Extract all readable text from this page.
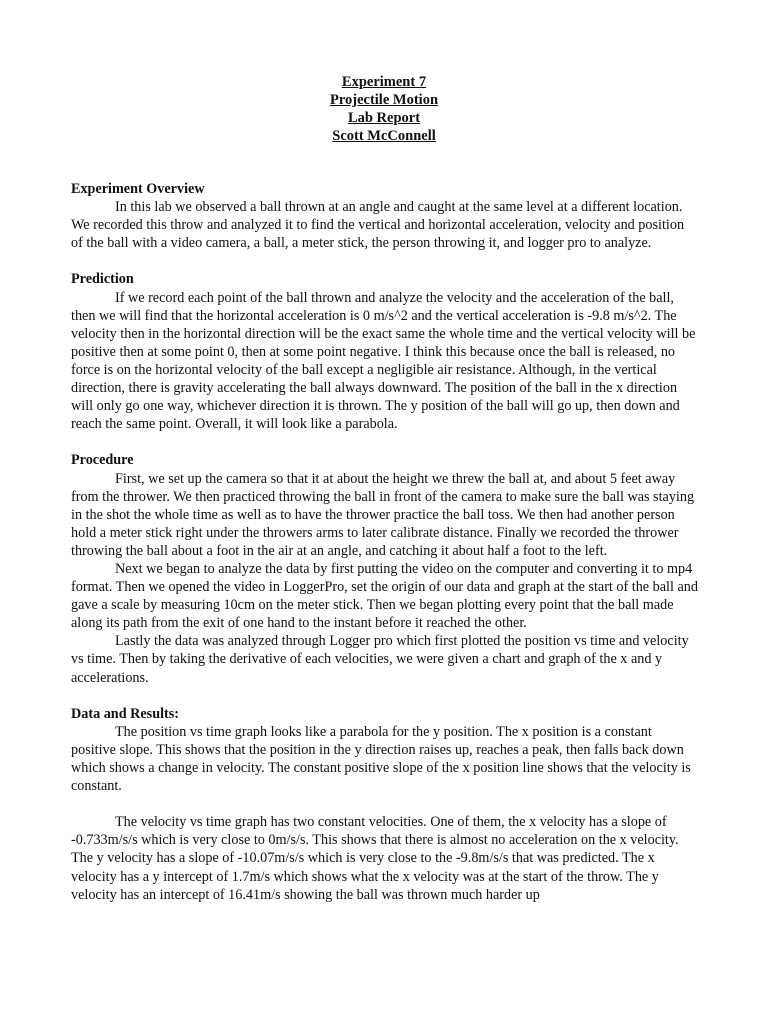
Experiment 7
Projectile Motion
Lab Report
Scott McConnell

Experiment Overview

In this lab we observed a ball thrown at an angle and caught at the same level at a different location. We recorded this throw and analyzed it to find the vertical and horizontal acceleration, velocity and position of the ball with a video camera, a ball, a meter stick, the person throwing it, and logger pro to analyze.

Prediction

If we record each point of the ball thrown and analyze the velocity and the acceleration of the ball, then we will find that the horizontal acceleration is 0 m/s^2 and the vertical acceleration is -9.8 m/s^2. The velocity then in the horizontal direction will be the exact same the whole time and the vertical velocity will be positive then at some point 0, then at some point negative. I think this because once the ball is released, no force is on the horizontal velocity of the ball except a negligible air resistance. Although, in the vertical direction, there is gravity accelerating the ball always downward. The position of the ball in the x direction will only go one way, whichever direction it is thrown. The y position of the ball will go up, then down and reach the same point. Overall, it will look like a parabola.

Procedure

First, we set up the camera so that it at about the height we threw the ball at, and about 5 feet away from the thrower. We then practiced throwing the ball in front of the camera to make sure the ball was staying in the shot the whole time as well as to have the thrower practice the ball toss. We then had another person hold a meter stick right under the throwers arms to later calibrate distance. Finally we recorded the thrower throwing the ball about a foot in the air at an angle, and catching it about half a foot to the left.

Next we began to analyze the data by first putting the video on the computer and converting it to mp4 format. Then we opened the video in LoggerPro, set the origin of our data and graph at the start of the ball and gave a scale by measuring 10cm on the meter stick. Then we began plotting every point that the ball made along its path from the exit of one hand to the instant before it reached the other.

Lastly the data was analyzed through Logger pro which first plotted the position vs time and velocity vs time. Then by taking the derivative of each velocities, we were given a chart and graph of the x and y accelerations.

Data and Results:

The position vs time graph looks like a parabola for the y position. The x position is a constant positive slope. This shows that the position in the y direction raises up, reaches a peak, then falls back down which shows a change in velocity. The constant positive slope of the x position line shows that the velocity is constant.

The velocity vs time graph has two constant velocities. One of them, the x velocity has a slope of -0.733m/s/s which is very close to 0m/s/s. This shows that there is almost no acceleration on the x velocity. The y velocity has a slope of -10.07m/s/s which is very close to the -9.8m/s/s that was predicted. The x velocity has a y intercept of 1.7m/s which shows what the x velocity was at the start of the throw. The y velocity has an intercept of 16.41m/s showing the ball was thrown much harder up
